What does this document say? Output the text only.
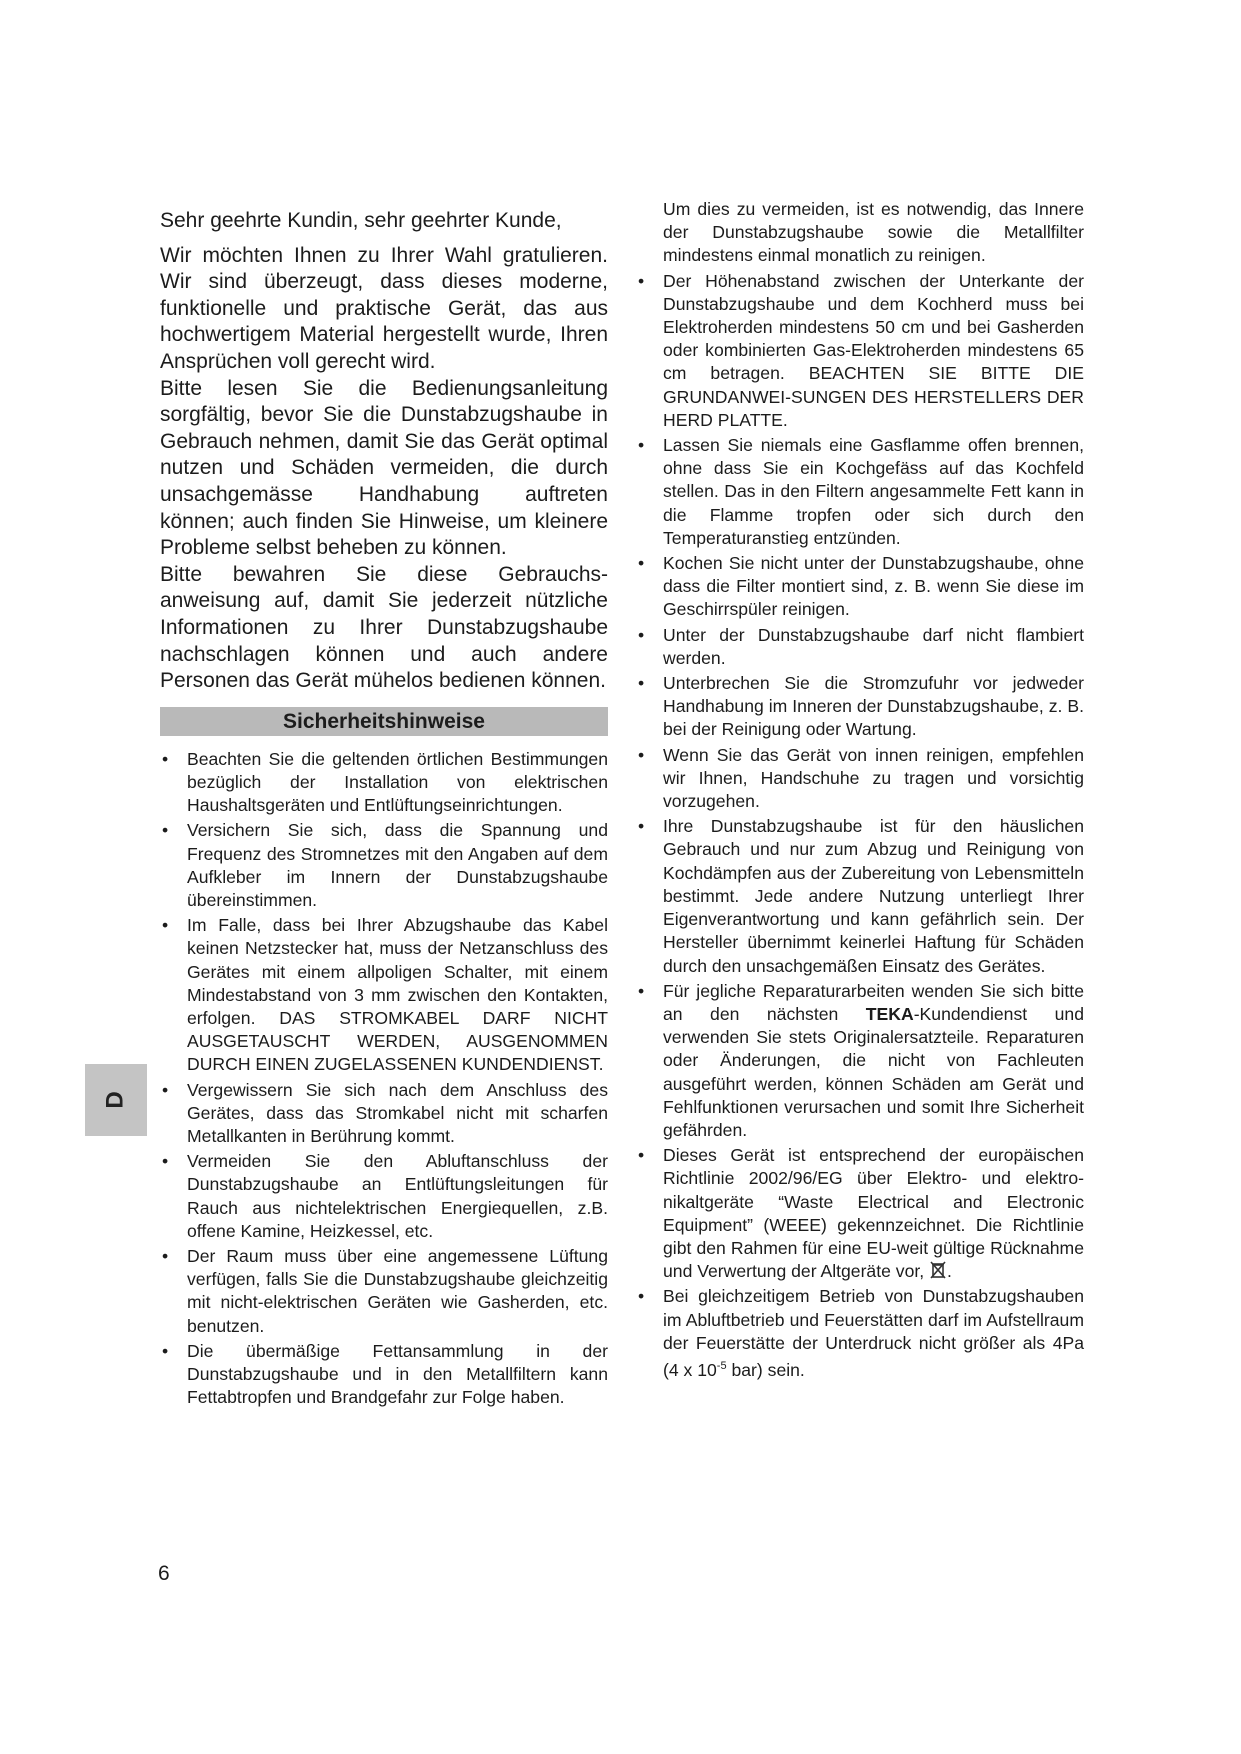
Sehr geehrte Kundin, sehr geehrter Kunde,

Wir möchten Ihnen zu Ihrer Wahl gratulieren. Wir sind überzeugt, dass dieses moderne, funktionelle und praktische Gerät, das aus hochwertigem Material hergestellt wurde, Ihren Ansprüchen voll gerecht wird.

Bitte lesen Sie die Bedienungsanleitung sorgfältig, bevor Sie die Dunstabzugshaube in Gebrauch nehmen, damit Sie das Gerät optimal nutzen und Schäden vermeiden, die durch unsachgemässe Handhabung auftreten können; auch finden Sie Hinweise, um kleinere Probleme selbst beheben zu können.

Bitte bewahren Sie diese Gebrauchs-anweisung auf, damit Sie jederzeit nützliche Informationen zu Ihrer Dunstabzugshaube nachschlagen können und auch andere Personen das Gerät mühelos bedienen können.

Sicherheitshinweise
• Beachten Sie die geltenden örtlichen Bestimmungen bezüglich der Installation von elektrischen Haushaltsgeräten und Entlüftungseinrichtungen.
• Versichern Sie sich, dass die Spannung und Frequenz des Stromnetzes mit den Angaben auf dem Aufkleber im Innern der Dunstabzugshaube übereinstimmen.
• Im Falle, dass bei Ihrer Abzugshaube das Kabel keinen Netzstecker hat, muss der Netzanschluss des Gerätes mit einem allpoligen Schalter, mit einem Mindestabstand von 3 mm zwischen den Kontakten, erfolgen. DAS STROMKABEL DARF NICHT AUSGETAUSCHT WERDEN, AUSGENOMMEN DURCH EINEN ZUGELASSENEN KUNDENDIENST.
• Vergewissern Sie sich nach dem Anschluss des Gerätes, dass das Stromkabel nicht mit scharfen Metallkanten in Berührung kommt.
• Vermeiden Sie den Abluftanschluss der Dunstabzugshaube an Entlüftungsleitungen für Rauch aus nichtelektrischen Energiequellen, z.B. offene Kamine, Heizkessel, etc.
• Der Raum muss über eine angemessene Lüftung verfügen, falls Sie die Dunstabzugshaube gleichzeitig mit nicht-elektrischen Geräten wie Gasherden, etc. benutzen.
• Die übermäßige Fettansammlung in der Dunstabzugshaube und in den Metallfiltern kann Fettabtropfen und Brandgefahr zur Folge haben.

Um dies zu vermeiden, ist es notwendig, das Innere der Dunstabzugshaube sowie die Metallfilter mindestens einmal monatlich zu reinigen.

• Der Höhenabstand zwischen der Unterkante der Dunstabzugshaube und dem Kochherd muss bei Elektroherden mindestens 50 cm und bei Gasherden oder kombinierten Gas-Elektroherden mindestens 65 cm betragen. BEACHTEN SIE BITTE DIE GRUNDANWEI-SUNGEN DES HERSTELLERS DER HERD PLATTE.
• Lassen Sie niemals eine Gasflamme offen brennen, ohne dass Sie ein Kochgefäss auf das Kochfeld stellen. Das in den Filtern angesammelte Fett kann in die Flamme tropfen oder sich durch den Temperaturanstieg entzünden.
• Kochen Sie nicht unter der Dunstabzugshaube, ohne dass die Filter montiert sind, z. B. wenn Sie diese im Geschirrspüler reinigen.
• Unter der Dunstabzugshaube darf nicht flambiert werden.
• Unterbrechen Sie die Stromzufuhr vor jedweder Handhabung im Inneren der Dunstabzugshaube, z. B. bei der Reinigung oder Wartung.
• Wenn Sie das Gerät von innen reinigen, empfehlen wir Ihnen, Handschuhe zu tragen und vorsichtig vorzugehen.
• Ihre Dunstabzugshaube ist für den häuslichen Gebrauch und nur zum Abzug und Reinigung von Kochdämpfen aus der Zubereitung von Lebensmitteln bestimmt. Jede andere Nutzung unterliegt Ihrer Eigenverantwortung und kann gefährlich sein. Der Hersteller übernimmt keinerlei Haftung für Schäden durch den unsachgemäßen Einsatz des Gerätes.
• Für jegliche Reparaturarbeiten wenden Sie sich bitte an den nächsten TEKA-Kundendienst und verwenden Sie stets Originalersatzteile. Reparaturen oder Änderungen, die nicht von Fachleuten ausgeführt werden, können Schäden am Gerät und Fehlfunktionen verursachen und somit Ihre Sicherheit gefährden.
• Dieses Gerät ist entsprechend der europäischen Richtlinie 2002/96/EG über Elektro- und elektro-nikaltgeräte “Waste Electrical and Electronic Equipment” (WEEE) gekennzeichnet. Die Richtlinie gibt den Rahmen für eine EU-weit gültige Rücknahme und Verwertung der Altgeräte vor, .
• Bei gleichzeitigem Betrieb von Dunstabzugshauben im Abluftbetrieb und Feuerstätten darf im Aufstellraum der Feuerstätte der Unterdruck nicht größer als 4Pa (4 x $10^{-5}$ bar) sein.
D
6
